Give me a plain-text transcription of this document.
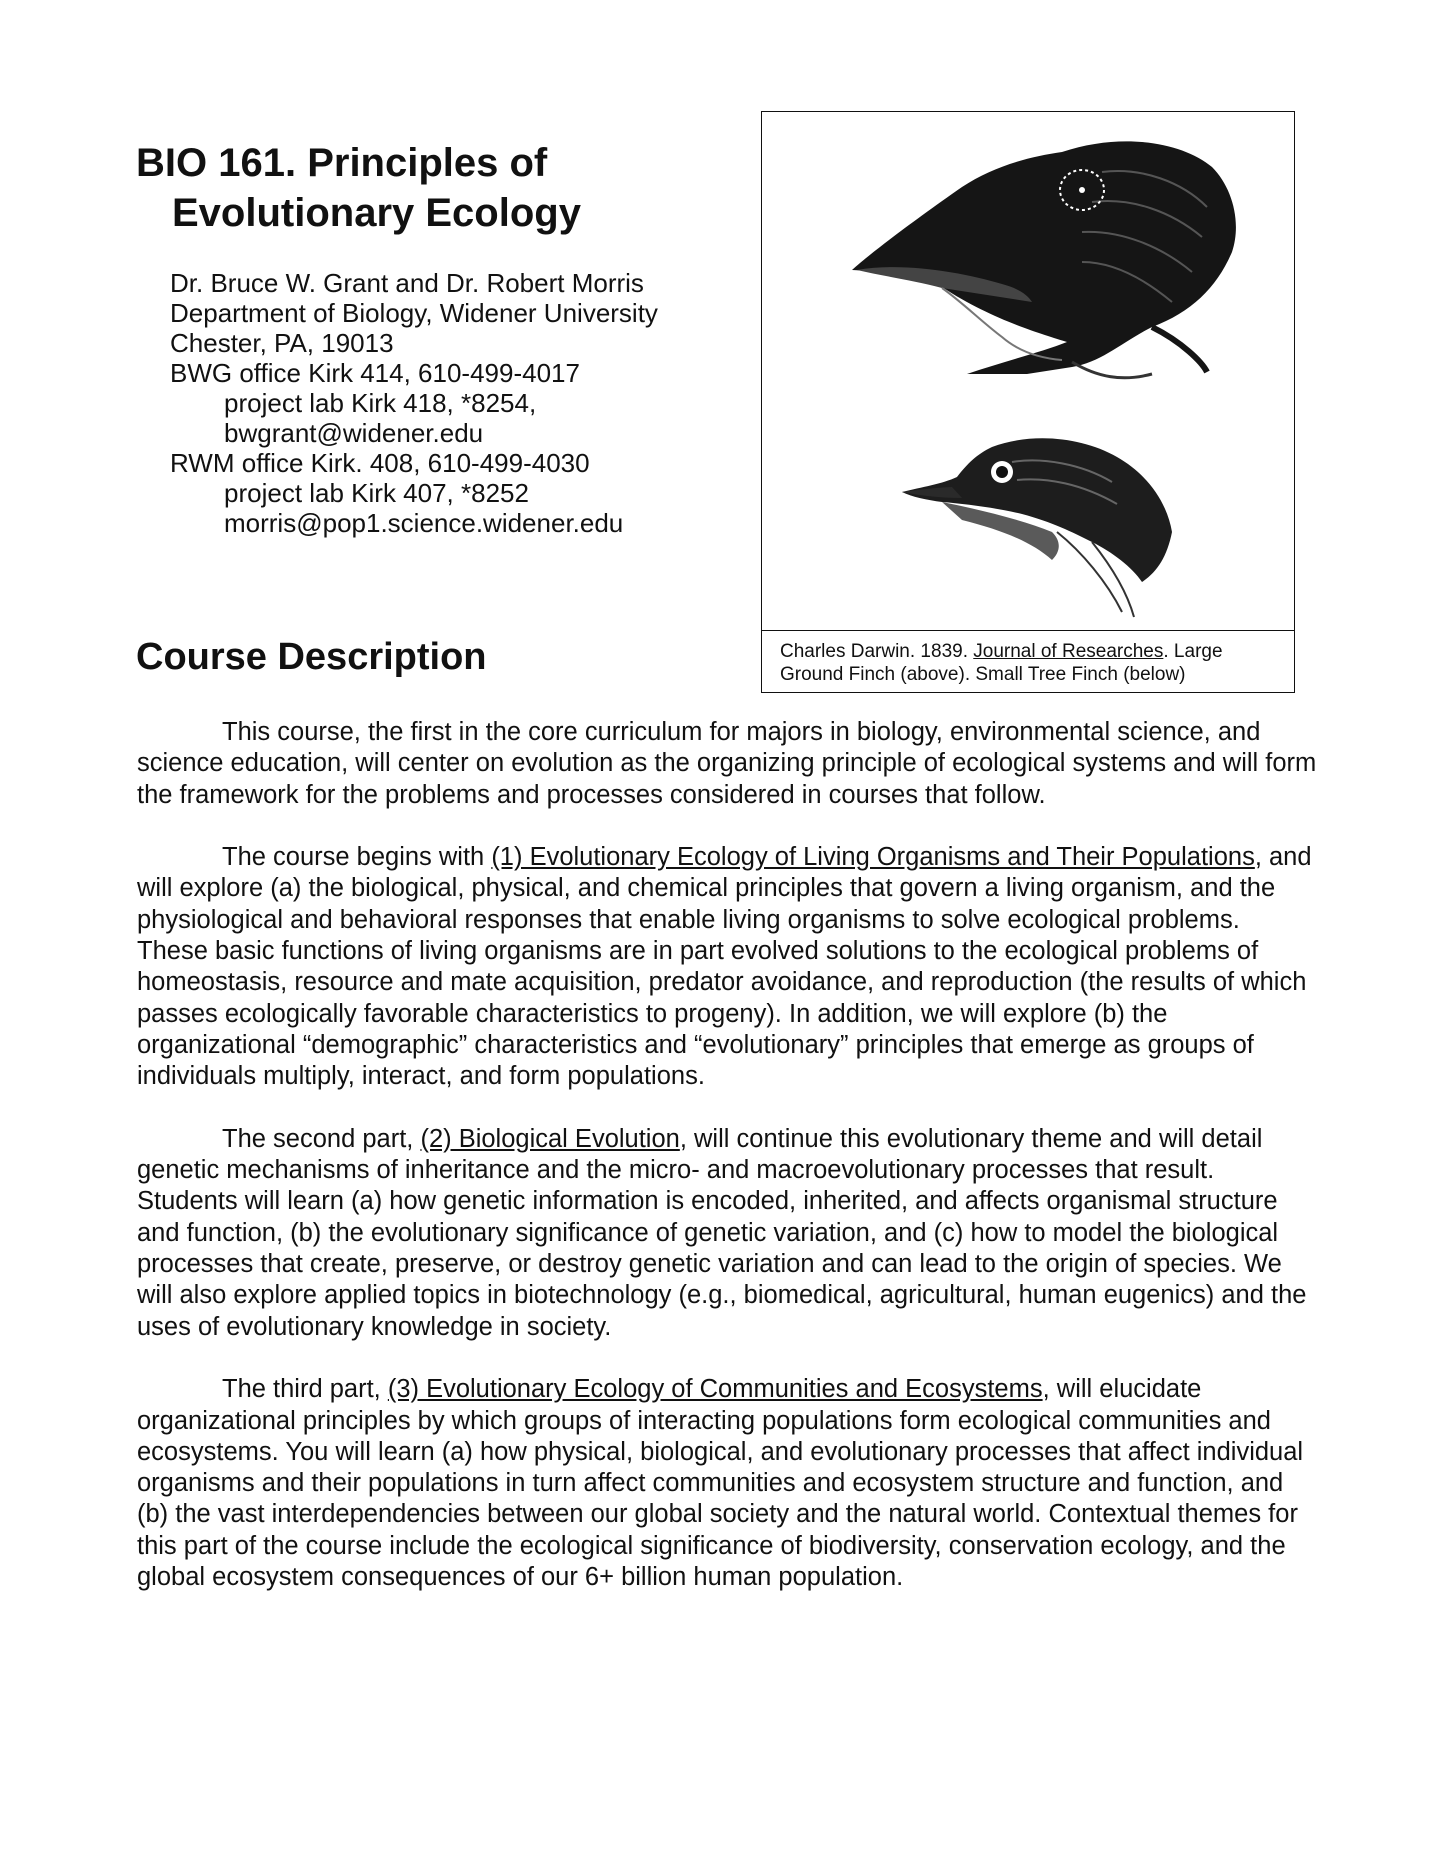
BIO 161. Principles of
Evolutionary Ecology
Dr. Bruce W. Grant and Dr. Robert Morris
Department of Biology, Widener University
Chester, PA, 19013
BWG office Kirk 414, 610-499-4017
project lab Kirk 418, *8254,
bwgrant@widener.edu
RWM office Kirk. 408, 610-499-4030
project lab Kirk 407, *8252
morris@pop1.science.widener.edu
Charles Darwin. 1839. Journal of Researches. Large Ground Finch (above). Small Tree Finch (below)
Course Description

This course, the first in the core curriculum for majors in biology, environmental science, and science education, will center on evolution as the organizing principle of ecological systems and will form the framework for the problems and processes considered in courses that follow.

The course begins with (1) Evolutionary Ecology of Living Organisms and Their Populations, and will explore (a) the biological, physical, and chemical principles that govern a living organism, and the physiological and behavioral responses that enable living organisms to solve ecological problems. These basic functions of living organisms are in part evolved solutions to the ecological problems of homeostasis, resource and mate acquisition, predator avoidance, and reproduction (the results of which passes ecologically favorable characteristics to progeny). In addition, we will explore (b) the organizational “demographic” characteristics and “evolutionary” principles that emerge as groups of individuals multiply, interact, and form populations.

The second part, (2) Biological Evolution, will continue this evolutionary theme and will detail genetic mechanisms of inheritance and the micro- and macroevolutionary processes that result. Students will learn (a) how genetic information is encoded, inherited, and affects organismal structure and function, (b) the evolutionary significance of genetic variation, and (c) how to model the biological processes that create, preserve, or destroy genetic variation and can lead to the origin of species. We will also explore applied topics in biotechnology (e.g., biomedical, agricultural, human eugenics) and the uses of evolutionary knowledge in society.

The third part, (3) Evolutionary Ecology of Communities and Ecosystems, will elucidate organizational principles by which groups of interacting populations form ecological communities and ecosystems. You will learn (a) how physical, biological, and evolutionary processes that affect individual organisms and their populations in turn affect communities and ecosystem structure and function, and (b) the vast interdependencies between our global society and the natural world. Contextual themes for this part of the course include the ecological significance of biodiversity, conservation ecology, and the global ecosystem consequences of our 6+ billion human population.
